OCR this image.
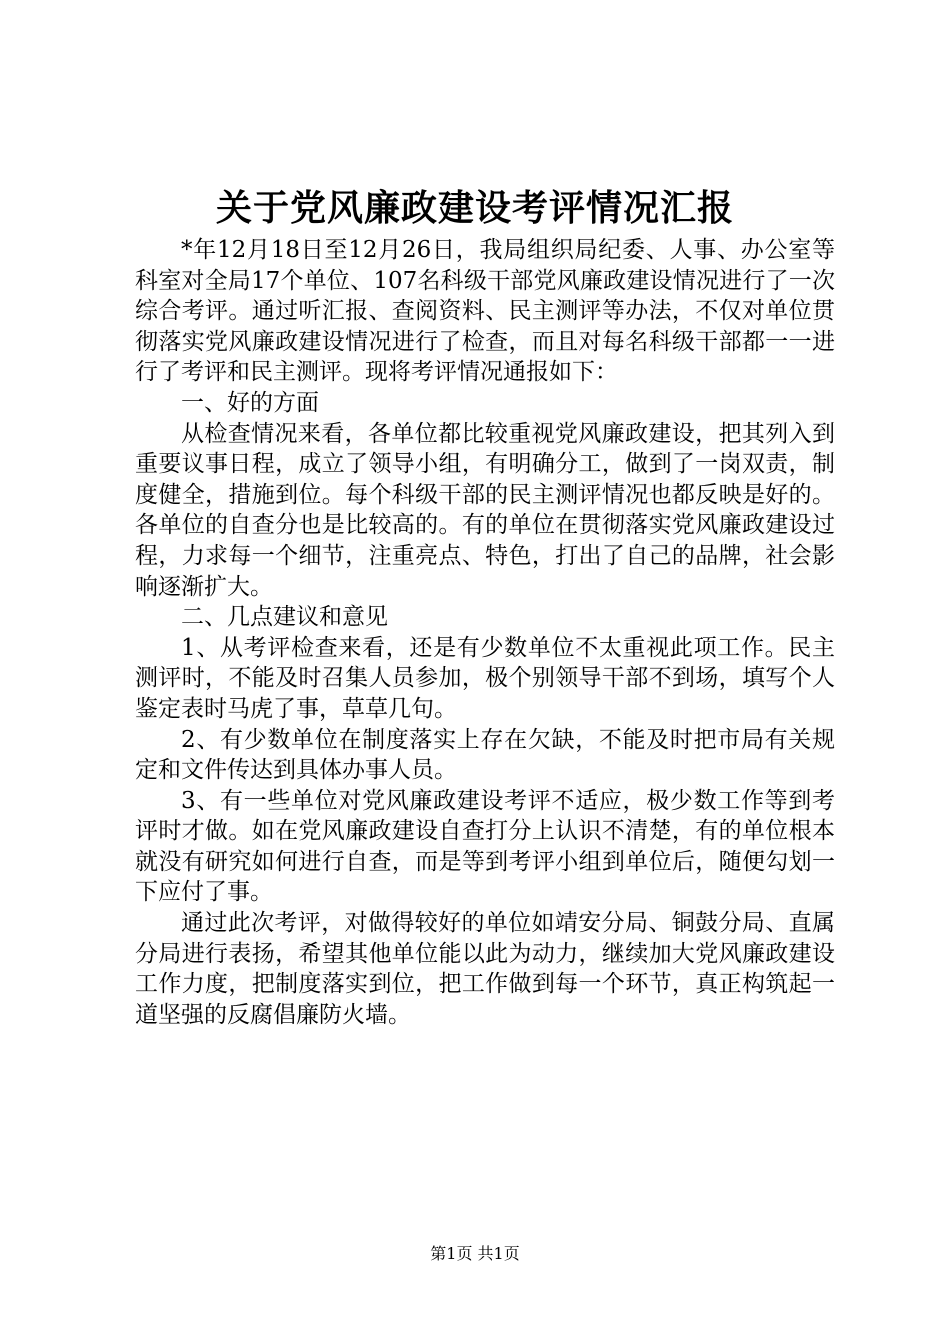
关于党风廉政建设考评情况汇报

*年12月18日至12月26日，我局组织局纪委、人事、办公室等科室对全局17个单位、107名科级干部党风廉政建设情况进行了一次综合考评。通过听汇报、查阅资料、民主测评等办法，不仅对单位贯彻落实党风廉政建设情况进行了检查，而且对每名科级干部都一一进行了考评和民主测评。现将考评情况通报如下：

一、好的方面

从检查情况来看，各单位都比较重视党风廉政建设，把其列入到重要议事日程，成立了领导小组，有明确分工，做到了一岗双责，制度健全，措施到位。每个科级干部的民主测评情况也都反映是好的。各单位的自查分也是比较高的。有的单位在贯彻落实党风廉政建设过程，力求每一个细节，注重亮点、特色，打出了自己的品牌，社会影响逐渐扩大。

二、几点建议和意见

1、从考评检查来看，还是有少数单位不太重视此项工作。民主测评时，不能及时召集人员参加，极个别领导干部不到场，填写个人鉴定表时马虎了事，草草几句。

2、有少数单位在制度落实上存在欠缺，不能及时把市局有关规定和文件传达到具体办事人员。

3、有一些单位对党风廉政建设考评不适应，极少数工作等到考评时才做。如在党风廉政建设自查打分上认识不清楚，有的单位根本就没有研究如何进行自查，而是等到考评小组到单位后，随便勾划一下应付了事。

通过此次考评，对做得较好的单位如靖安分局、铜鼓分局、直属分局进行表扬，希望其他单位能以此为动力，继续加大党风廉政建设工作力度，把制度落实到位，把工作做到每一个环节，真正构筑起一道坚强的反腐倡廉防火墙。

第1页 共1页
